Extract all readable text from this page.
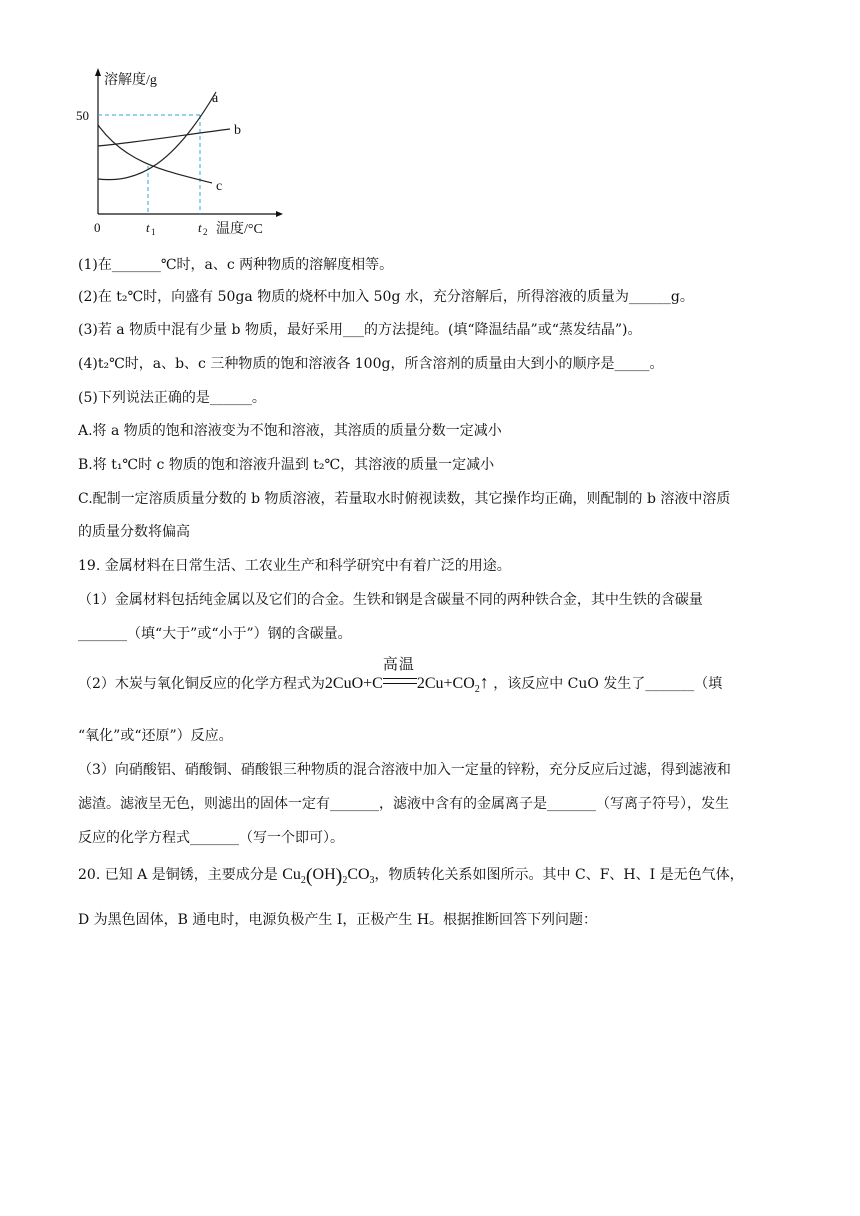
a
b
c
溶解度/g
50
温度/°C
0	t 1	t 2
(1)在_______℃时，a、c 两种物质的溶解度相等。
(2)在 t₂℃时，向盛有 50ga 物质的烧杯中加入 50g 水，充分溶解后，所得溶液的质量为______g。
(3)若 a 物质中混有少量 b 物质，最好采用___的方法提纯。(填“降温结晶”或“蒸发结晶”)。
(4)t₂℃时，a、b、c 三种物质的饱和溶液各 100g，所含溶剂的质量由大到小的顺序是_____。
(5)下列说法正确的是______。
A.将 a 物质的饱和溶液变为不饱和溶液，其溶质的质量分数一定减小
B.将 t₁℃时 c 物质的饱和溶液升温到 t₂℃，其溶液的质量一定减小
C.配制一定溶质质量分数的 b 物质溶液，若量取水时俯视读数，其它操作均正确，则配制的 b 溶液中溶质
的质量分数将偏高
19. 金属材料在日常生活、工农业生产和科学研究中有着广泛的用途。
（1）金属材料包括纯金属以及它们的合金。生铁和钢是含碳量不同的两种铁合金，其中生铁的含碳量
_______（填“大于”或“小于”）钢的含碳量。
（2）木炭与氧化铜反应的化学方程式为2CuO+C
高温
$2Cu+CO_2↑$ ，该反应中 CuO 发生了_______（填
“氧化”或“还原”）反应。
（3）向硝酸铝、硝酸铜、硝酸银三种物质的混合溶液中加入一定量的锌粉，充分反应后过滤，得到滤液和
滤渣。滤液呈无色，则滤出的固体一定有_______，滤液中含有的金属离子是_______（写离子符号），发生
反应的化学方程式_______（写一个即可）。
20. 已知 A 是铜锈，主要成分是 $Cu_2(OH)_2CO_3$，物质转化关系如图所示。其中 C、F、H、I 是无色气体，
D 为黑色固体，B 通电时，电源负极产生 I，正极产生 H。根据推断回答下列问题：
